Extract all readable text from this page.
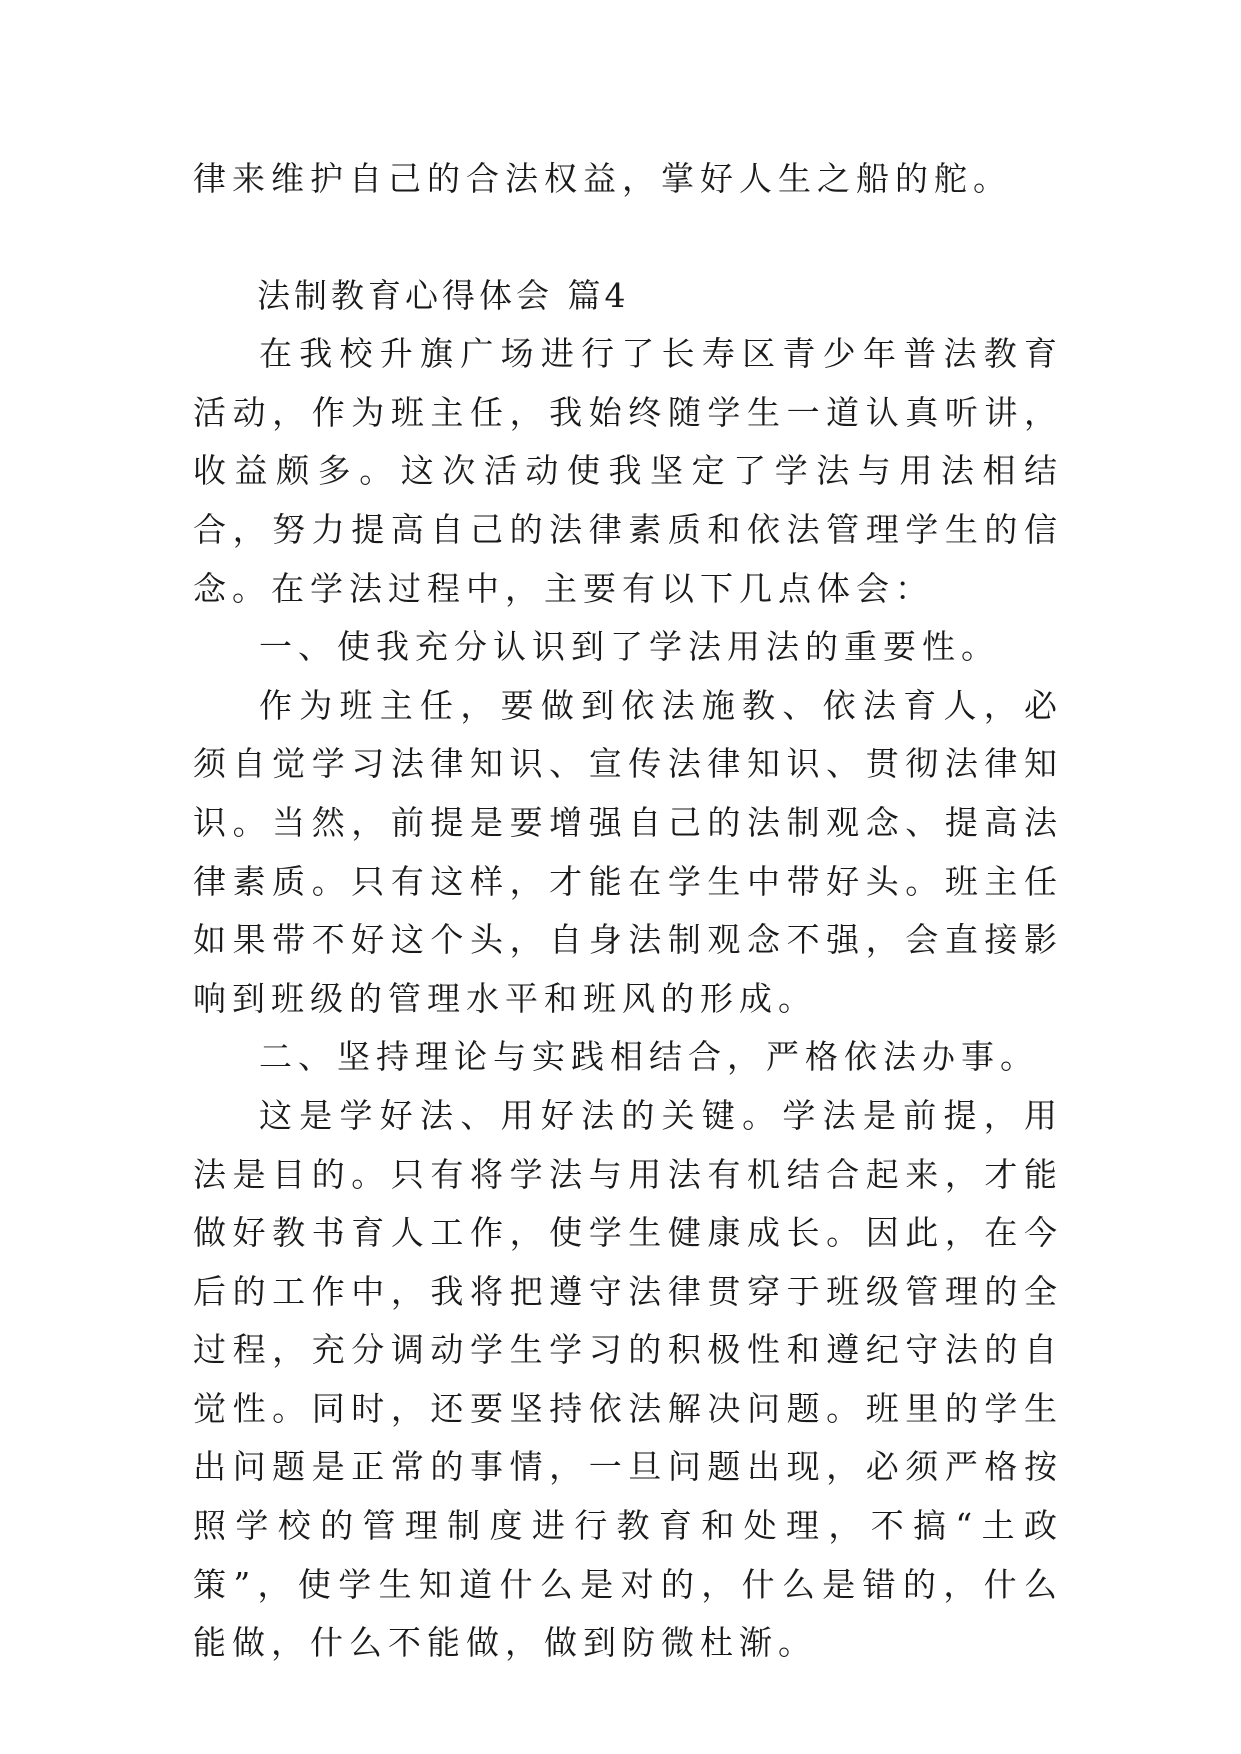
律来维护自己的合法权益，掌好人生之船的舵。

法制教育心得体会 篇4

在我校升旗广场进行了长寿区青少年普法教育活动，作为班主任，我始终随学生一道认真听讲，收益颇多。这次活动使我坚定了学法与用法相结合，努力提高自己的法律素质和依法管理学生的信念。在学法过程中，主要有以下几点体会：

一、使我充分认识到了学法用法的重要性。

作为班主任，要做到依法施教、依法育人，必须自觉学习法律知识、宣传法律知识、贯彻法律知识。当然，前提是要增强自己的法制观念、提高法律素质。只有这样，才能在学生中带好头。班主任如果带不好这个头，自身法制观念不强，会直接影响到班级的管理水平和班风的形成。

二、坚持理论与实践相结合，严格依法办事。

这是学好法、用好法的关键。学法是前提，用法是目的。只有将学法与用法有机结合起来，才能做好教书育人工作，使学生健康成长。因此，在今后的工作中，我将把遵守法律贯穿于班级管理的全过程，充分调动学生学习的积极性和遵纪守法的自觉性。同时，还要坚持依法解决问题。班里的学生出问题是正常的事情，一旦问题出现，必须严格按照学校的管理制度进行教育和处理，不搞“土政策”，使学生知道什么是对的，什么是错的，什么能做，什么不能做，做到防微杜渐。
